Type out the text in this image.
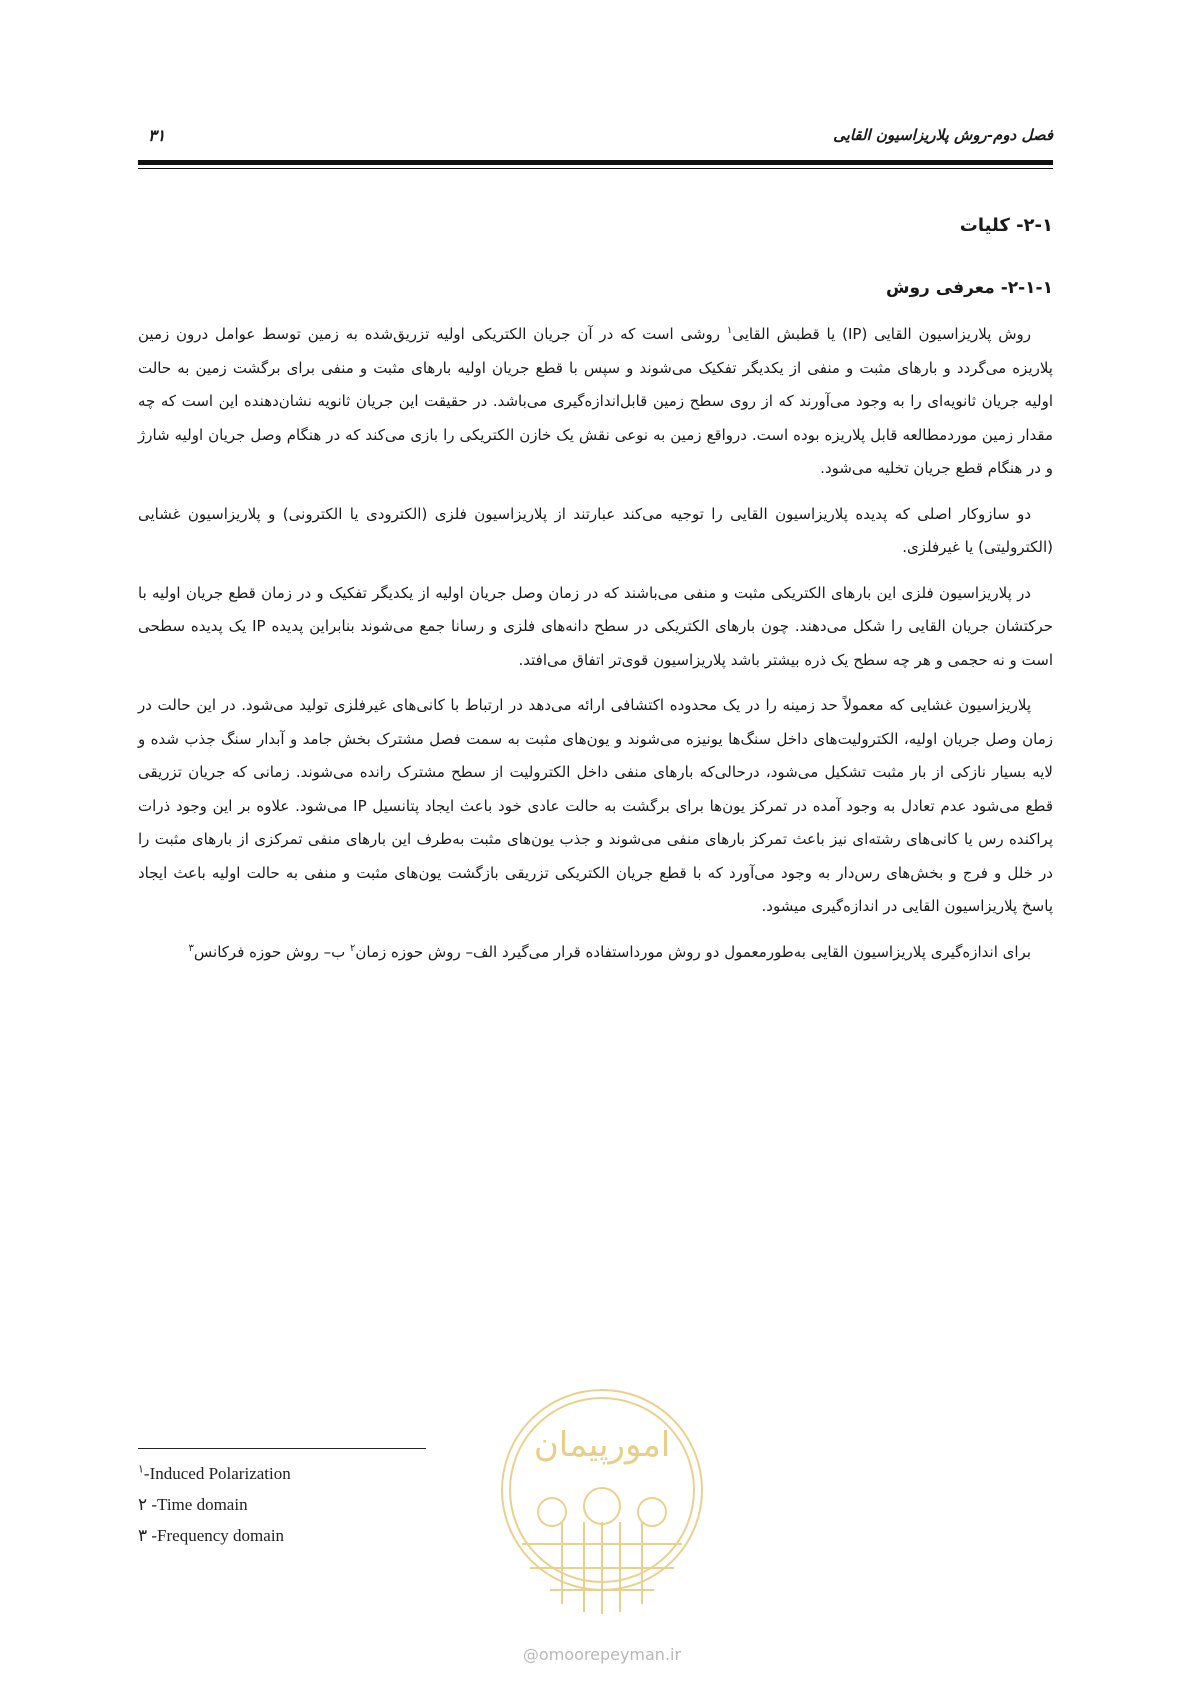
فصل دوم-روش پلاریزاسیون القایی
۳۱
۲-۱- کلیات
۲-۱-۱- معرفی روش

روش پلاریزاسیون القایی (IP) یا قطبش القایی$^۱$ روشی است که در آن جریان الکتریکی اولیه تزریق‌شده به زمین توسط عوامل درون زمین پلاریزه می‌گردد و بارهای مثبت و منفی از یکدیگر تفکیک می‌شوند و سپس با قطع جریان اولیه بارهای مثبت و منفی برای برگشت زمین به حالت اولیه جریان ثانویه‌ای را به وجود می‌آورند که از روی سطح زمین قابل‌اندازه‌گیری می‌باشد. در حقیقت این جریان ثانویه نشان‌دهنده این است که چه مقدار زمین موردمطالعه قابل پلاریزه بوده است. درواقع زمین به نوعی نقش یک خازن الکتریکی را بازی می‌کند که در هنگام وصل جریان اولیه شارژ و در هنگام قطع جریان تخلیه می‌شود.

دو سازوکار اصلی که پدیده پلاریزاسیون القایی را توجیه می‌کند عبارتند از پلاریزاسیون فلزی (الکترودی یا الکترونی) و پلاریزاسیون غشایی (الکترولیتی) یا غیرفلزی.

در پلاریزاسیون فلزی این بارهای الکتریکی مثبت و منفی می‌باشند که در زمان وصل جریان اولیه از یکدیگر تفکیک و در زمان قطع جریان اولیه با حرکتشان جریان القایی را شکل می‌دهند. چون بارهای الکتریکی در سطح دانه‌های فلزی و رسانا جمع می‌شوند بنابراین پدیده IP یک پدیده سطحی است و نه حجمی و هر چه سطح یک ذره بیشتر باشد پلاریزاسیون قوی‌تر اتفاق می‌افتد.

پلاریزاسیون غشایی که معمولاً حد زمینه را در یک محدوده اکتشافی ارائه می‌دهد در ارتباط با کانی‌های غیرفلزی تولید می‌شود. در این حالت در زمان وصل جریان اولیه، الکترولیت‌های داخل سنگ‌ها یونیزه می‌شوند و یون‌های مثبت به سمت فصل مشترک بخش جامد و آبدار سنگ جذب شده و لایه بسیار نازکی از بار مثبت تشکیل می‌شود، درحالی‌که بارهای منفی داخل الکترولیت از سطح مشترک رانده می‌شوند. زمانی که جریان تزریقی قطع می‌شود عدم تعادل به وجود آمده در تمرکز یون‌ها برای برگشت به حالت عادی خود باعث ایجاد پتانسیل IP می‌شود. علاوه بر این وجود ذرات پراکنده رس یا کانی‌های رشته‌ای نیز باعث تمرکز بارهای منفی می‌شوند و جذب یون‌های مثبت به‌طرف این بارهای منفی تمرکزی از بارهای مثبت را در خلل و فرج و بخش‌های رس‌دار به وجود می‌آورد که با قطع جریان الکتریکی تزریقی بازگشت یون‌های مثبت و منفی به حالت اولیه باعث ایجاد پاسخ پلاریزاسیون القایی در اندازه‌گیری میشود.

برای اندازه‌گیری پلاریزاسیون القایی به‌طورمعمول دو روش مورداستفاده قرار می‌گیرد الف– روش حوزه زمان$^۲$ ب– روش حوزه فرکانس$^۳$

$^۱$-Induced Polarization
۲ -Time domain
۳ -Frequency domain
امورپیمان
@omoorepeyman.ir
